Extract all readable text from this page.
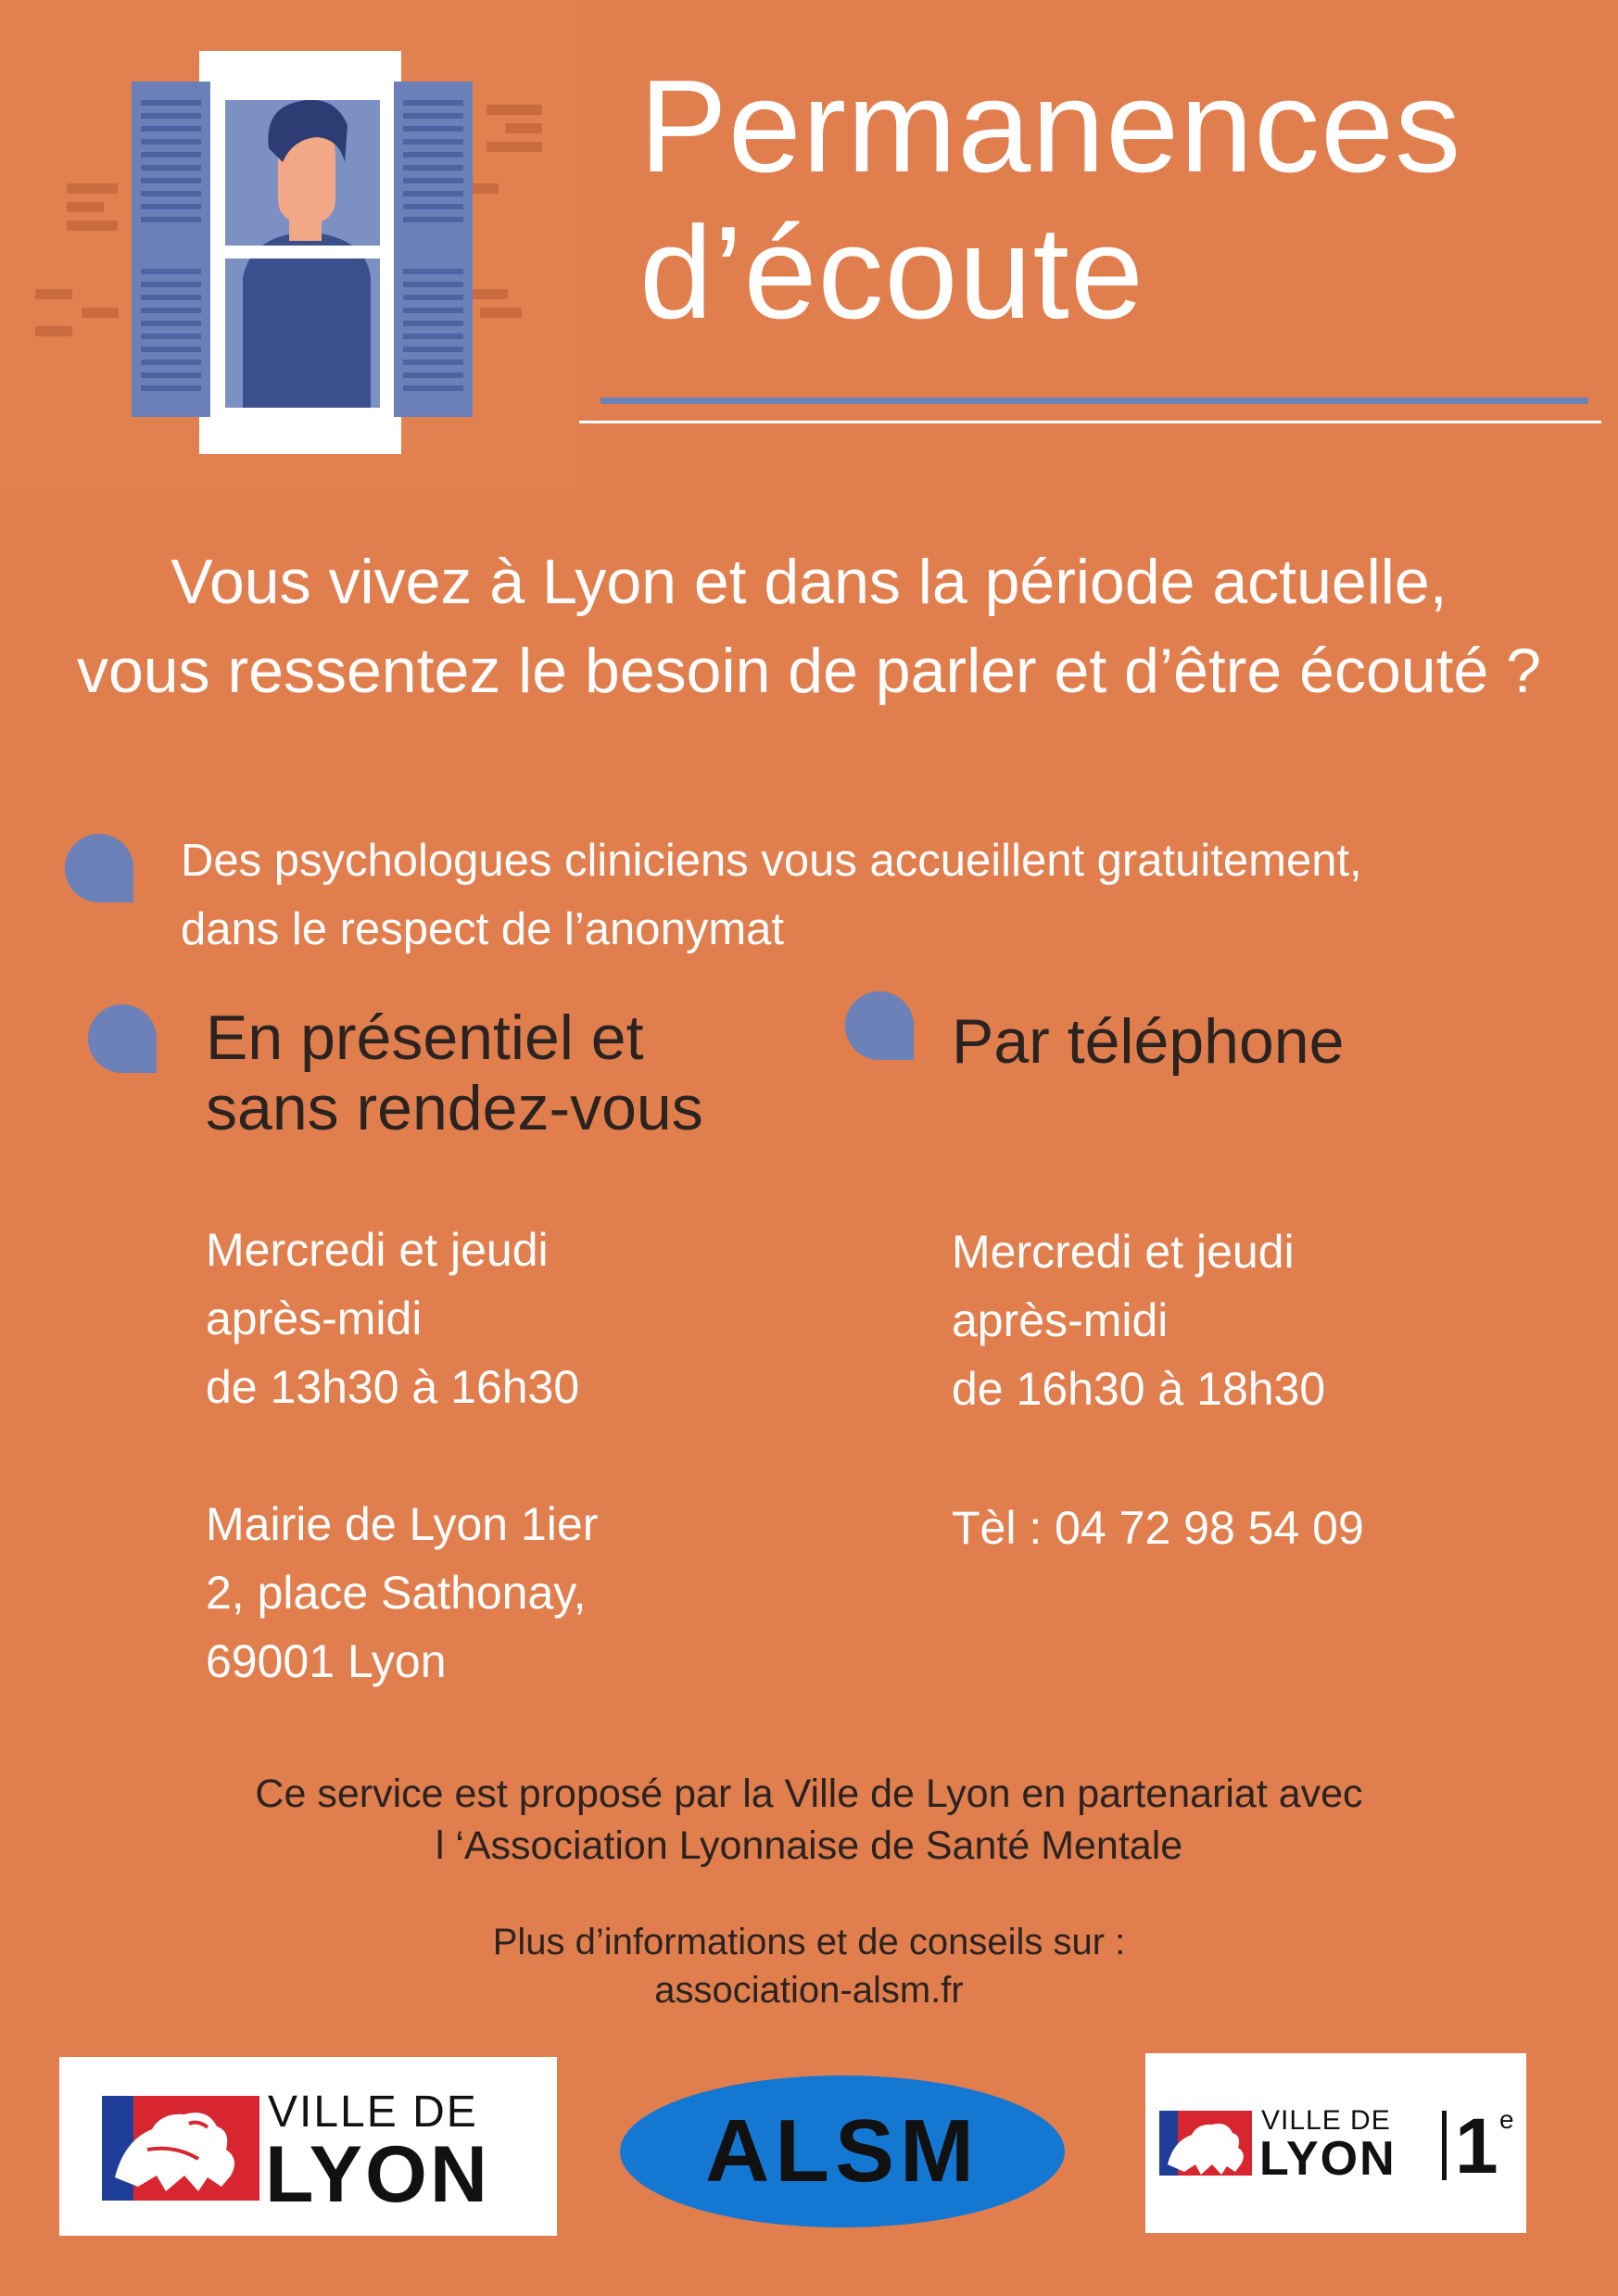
Permanences
d’écoute
Vous vivez à Lyon et dans la période actuelle,
vous ressentez le besoin de parler et d’être écouté ?
Des psychologues cliniciens vous accueillent gratuitement,
dans le respect de l’anonymat
En présentiel et
sans rendez-vous
Mercredi et jeudi
après-midi
de 13h30 à 16h30
Mairie de Lyon 1ier
2, place Sathonay,
69001 Lyon
Par téléphone
Mercredi et jeudi
après-midi
de 16h30 à 18h30
Tèl : 04 72 98 54 09
Ce service est proposé par la Ville de Lyon en partenariat avec
l ‘Association Lyonnaise de Santé Mentale
Plus d’informations et de conseils sur :
association-alsm.fr
VILLE DE
LYON	ALSM	VILLE DE
LYON 1 e
